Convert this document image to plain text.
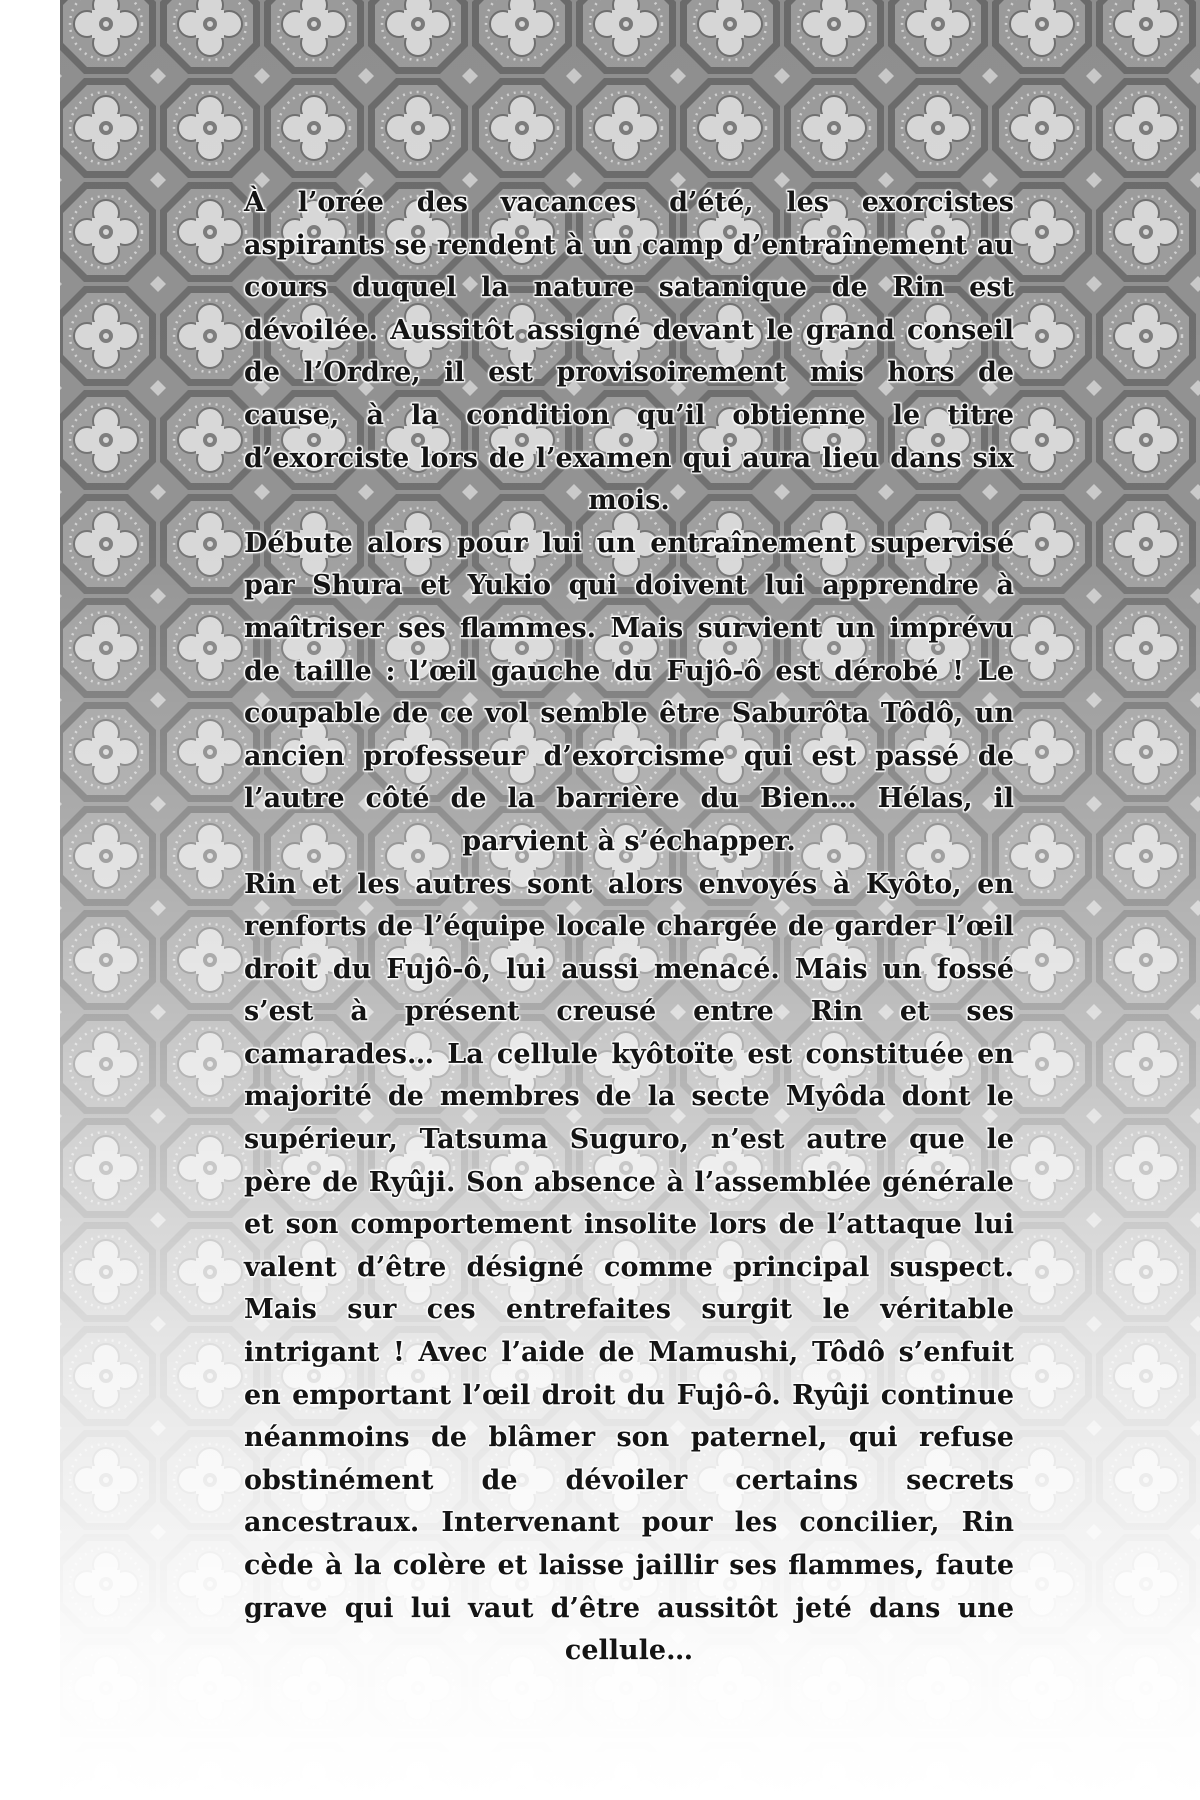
À l’orée des vacances d’été, les exorcistes aspirants se rendent à un camp d’entraînement au cours duquel la nature satanique de Rin est dévoilée. Aussitôt assigné devant le grand conseil de l’Ordre, il est provisoirement mis hors de cause, à la condition qu’il obtienne le titre d’exorciste lors de l’examen qui aura lieu dans six mois.

Débute alors pour lui un entraînement supervisé par Shura et Yukio qui doivent lui apprendre à maîtriser ses flammes. Mais survient un imprévu de taille : l’œil gauche du Fujô-ô est dérobé ! Le coupable de ce vol semble être Saburôta Tôdô, un ancien professeur d’exorcisme qui est passé de l’autre côté de la barrière du Bien… Hélas, il parvient à s’échapper.

Rin et les autres sont alors envoyés à Kyôto, en renforts de l’équipe locale chargée de garder l’œil droit du Fujô-ô, lui aussi menacé. Mais un fossé s’est à présent creusé entre Rin et ses camarades… La cellule kyôtoïte est constituée en majorité de membres de la secte Myôda dont le supérieur, Tatsuma Suguro, n’est autre que le père de Ryûji. Son absence à l’assemblée générale et son comportement insolite lors de l’attaque lui valent d’être désigné comme principal suspect. Mais sur ces entrefaites surgit le véritable intrigant ! Avec l’aide de Mamushi, Tôdô s’enfuit en emportant l’œil droit du Fujô-ô. Ryûji continue néanmoins de blâmer son paternel, qui refuse obstinément de dévoiler certains secrets ancestraux. Intervenant pour les concilier, Rin cède à la colère et laisse jaillir ses flammes, faute grave qui lui vaut d’être aussitôt jeté dans une cellule…
